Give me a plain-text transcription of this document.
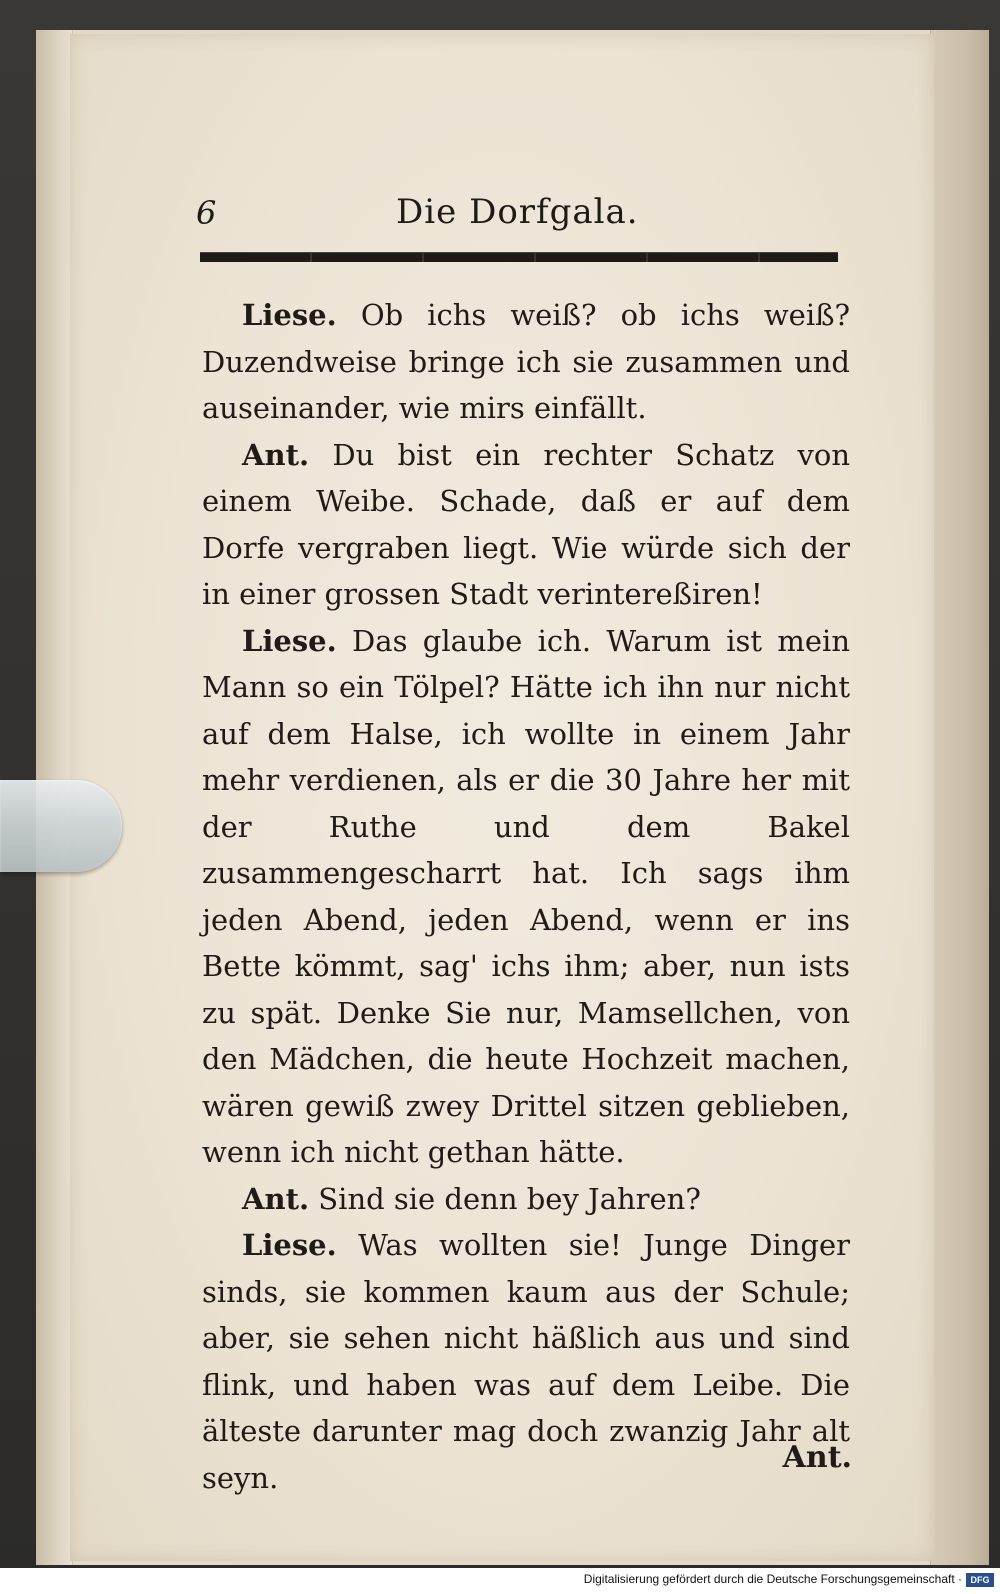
6	Die Dorfgala.

Liese. Ob ichs weiß? ob ichs weiß? Duzendweise bringe ich sie zusammen und auseinander, wie mirs einfällt.

Ant. Du bist ein rechter Schatz von einem Weibe. Schade, daß er auf dem Dorfe vergraben liegt. Wie würde sich der in einer grossen Stadt verintereßiren!

Liese. Das glaube ich. Warum ist mein Mann so ein Tölpel? Hätte ich ihn nur nicht auf dem Halse, ich wollte in einem Jahr mehr verdienen, als er die 30 Jahre her mit der Ruthe und dem Bakel zusammengescharrt hat. Ich sags ihm jeden Abend, jeden Abend, wenn er ins Bette kömmt, sag' ichs ihm; aber, nun ists zu spät. Denke Sie nur, Mamsellchen, von den Mädchen, die heute Hochzeit machen, wären gewiß zwey Drittel sitzen geblieben, wenn ich nicht gethan hätte.

Ant. Sind sie denn bey Jahren?

Liese. Was wollten sie! Junge Dinger sinds, sie kommen kaum aus der Schule; aber, sie sehen nicht häßlich aus und sind flink, und haben was auf dem Leibe. Die älteste darunter mag doch zwanzig Jahr alt seyn.

Ant.
Digitalisierung gefördert durch die Deutsche Forschungsgemeinschaft · DFG
